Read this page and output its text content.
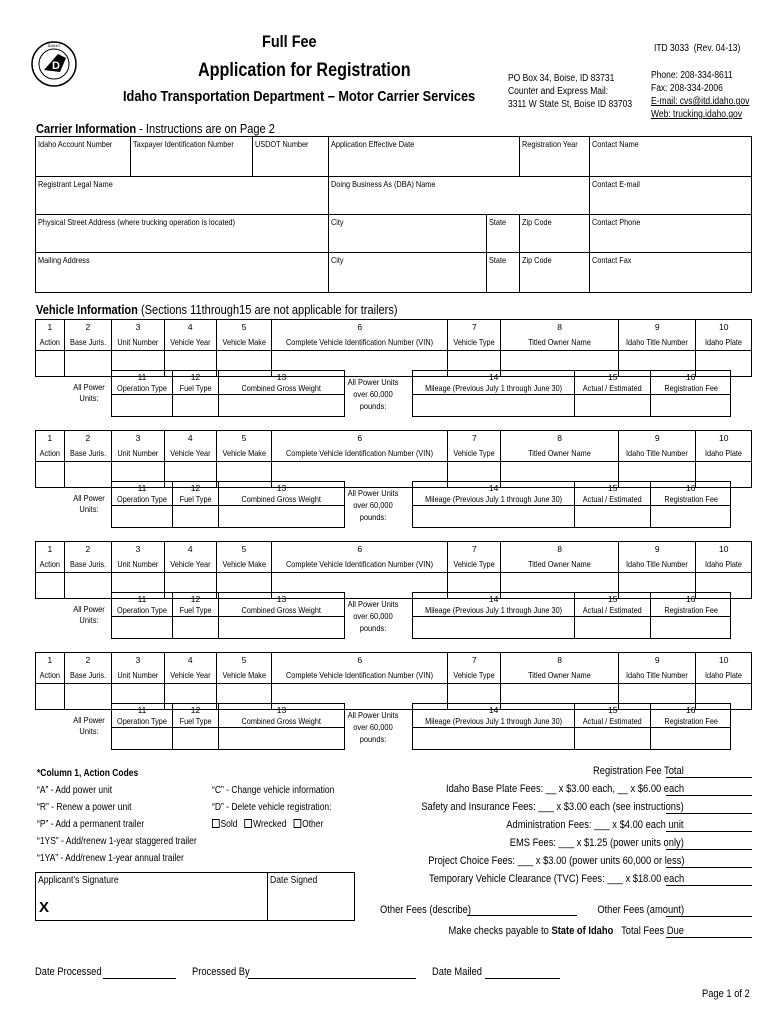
D
IDAHO	Full Fee
Application for Registration
Idaho Transportation Department – Motor Carrier Services
ITD 3033 (Rev. 04-13)
PO Box 34, Boise, ID 83731
Counter and Express Mail:
3311 W State St, Boise ID 83703
Phone: 208-334-8611
Fax: 208-334-2006
E-mail: cvs@itd.idaho.gov
Web: trucking.idaho.gov
Carrier Information - Instructions are on Page 2
Idaho Account Number	Taxpayer Identification Number	USDOT Number	Application Effective Date		Registration Year	Contact Name
Registrant Legal Name			Doing Business As (DBA) Name			Contact E-mail
Physical Street Address (where trucking operation is located)			City	State	Zip Code	Contact Phone
Mailing Address			City	State	Zip Code	Contact Fax
Vehicle Information (Sections 11through15 are not applicable for trailers)
1	2	3	4	5	6	7	8	9	10
Action	Base Juris.	Unit Number	Vehicle Year	Vehicle Make	Complete Vehicle Identification Number (VIN)	Vehicle Type	Titled Owner Name	Idaho Title Number	Idaho Plate

All Power Units:
11	12	13
Operation Type	Fuel Type	Combined Gross Weight

All Power Units over 60,000 pounds:
14	15	16
Mileage (Previous July 1 through June 30)	Actual / Estimated	Registration Fee

1	2	3	4	5	6	7	8	9	10
Action	Base Juris.	Unit Number	Vehicle Year	Vehicle Make	Complete Vehicle Identification Number (VIN)	Vehicle Type	Titled Owner Name	Idaho Title Number	Idaho Plate

All Power Units:
11	12	13
Operation Type	Fuel Type	Combined Gross Weight

All Power Units over 60,000 pounds:
14	15	16
Mileage (Previous July 1 through June 30)	Actual / Estimated	Registration Fee

1	2	3	4	5	6	7	8	9	10
Action	Base Juris.	Unit Number	Vehicle Year	Vehicle Make	Complete Vehicle Identification Number (VIN)	Vehicle Type	Titled Owner Name	Idaho Title Number	Idaho Plate

All Power Units:
11	12	13
Operation Type	Fuel Type	Combined Gross Weight

All Power Units over 60,000 pounds:
14	15	16
Mileage (Previous July 1 through June 30)	Actual / Estimated	Registration Fee

1	2	3	4	5	6	7	8	9	10
Action	Base Juris.	Unit Number	Vehicle Year	Vehicle Make	Complete Vehicle Identification Number (VIN)	Vehicle Type	Titled Owner Name	Idaho Title Number	Idaho Plate

All Power Units:
11	12	13
Operation Type	Fuel Type	Combined Gross Weight

All Power Units over 60,000 pounds:
14	15	16
Mileage (Previous July 1 through June 30)	Actual / Estimated	Registration Fee

*Column 1, Action Codes
“A” - Add power unit
“R” - Renew a power unit
“P” - Add a permanent trailer
“1YS” - Add/renew 1-year staggered trailer
“1YA” - Add/renew 1-year annual trailer
“C” - Change vehicle information
“D” - Delete vehicle registration:
Sold Wrecked Other
Applicant’s Signature
X
	Date Signed
Registration Fee Total
Idaho Base Plate Fees: __ x $3.00 each, __ x $6.00 each
Safety and Insurance Fees: ___ x $3.00 each (see instructions)
Administration Fees: ___ x $4.00 each unit
EMS Fees: ___ x $1.25 (power units only)
Project Choice Fees: ___ x $3.00 (power units 60,000 or less)
Temporary Vehicle Clearance (TVC) Fees: ___ x $18.00 each
Other Fees (describe)	Other Fees (amount)
Make checks payable to State of Idaho Total Fees Due
Date Processed	Processed By	Date Mailed
Page 1 of 2
